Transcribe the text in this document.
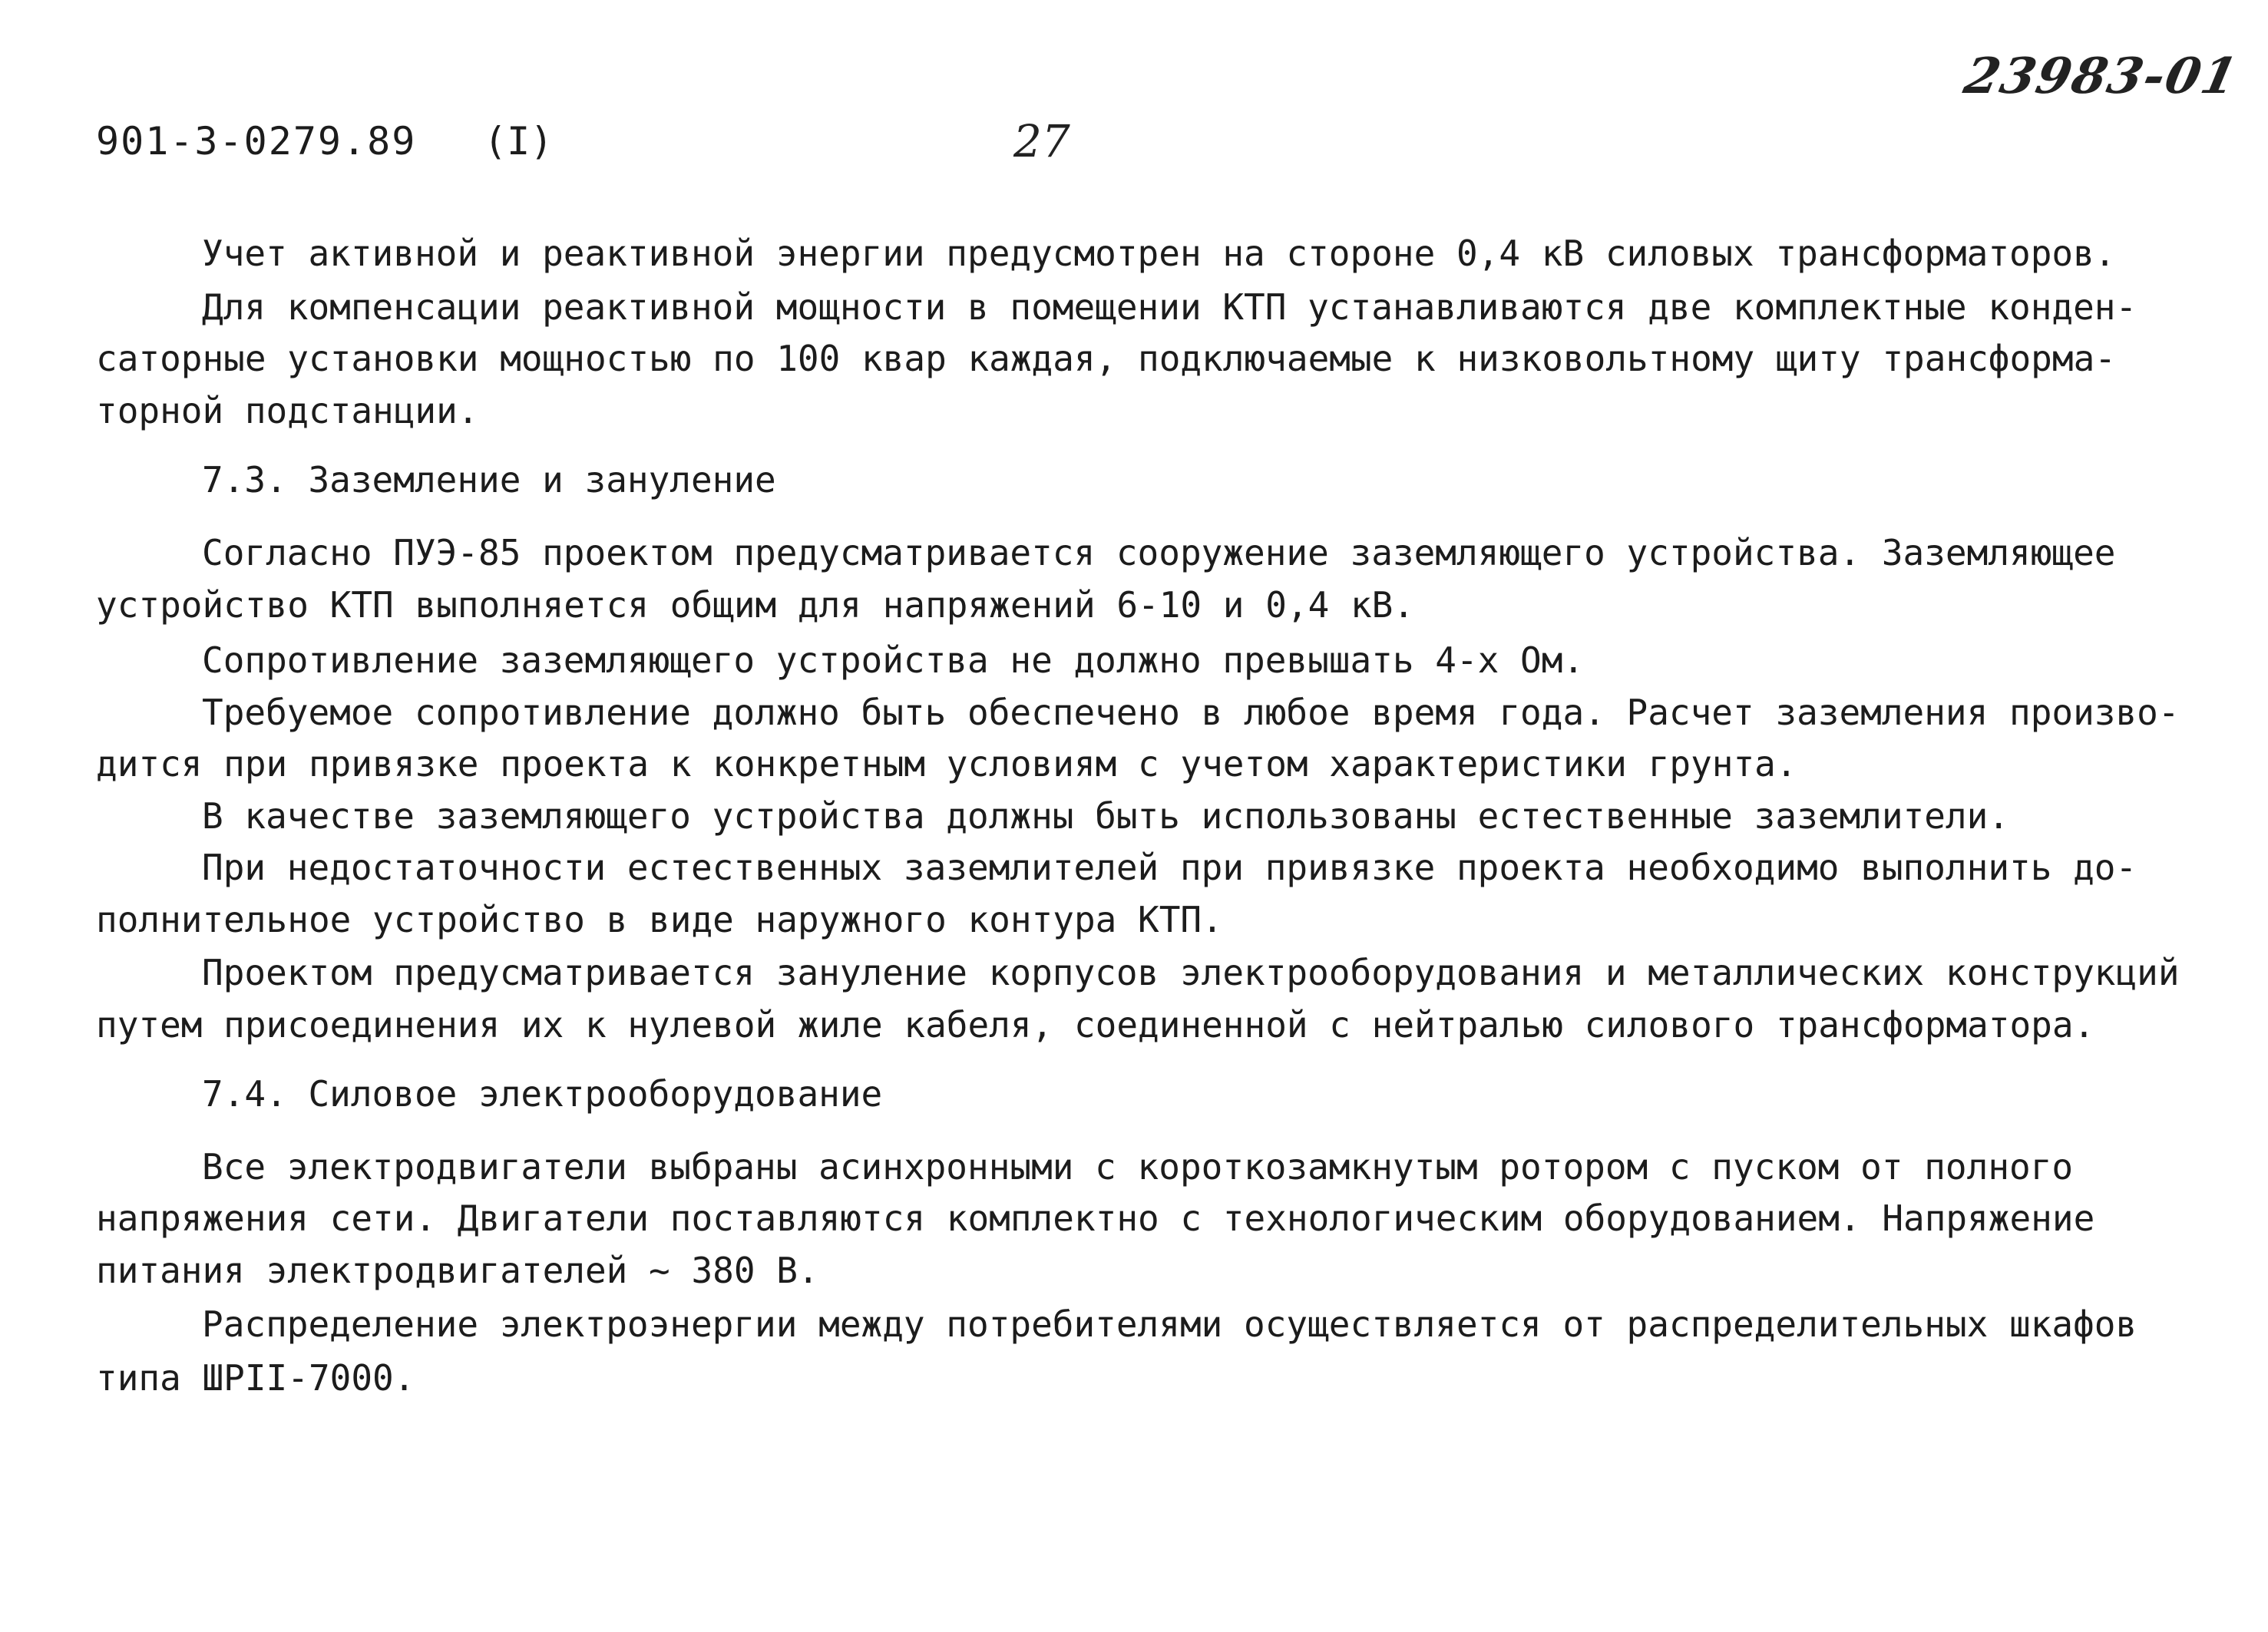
23983-01
901-3-0279.89 (I)	27
Учет активной и реактивной энергии предусмотрен на стороне 0,4 кВ силовых трансформаторов.
Для компенсации реактивной мощности в помещении КТП устанавливаются две комплектные конден-
саторные установки мощностью по 100 квар каждая, подключаемые к низковольтному щиту трансформа-
торной подстанции.
7.3. Заземление и зануление
Согласно ПУЭ-85 проектом предусматривается сооружение заземляющего устройства. Заземляющее
устройство КТП выполняется общим для напряжений 6-10 и 0,4 кВ.
Сопротивление заземляющего устройства не должно превышать 4-х Ом.
Требуемое сопротивление должно быть обеспечено в любое время года. Расчет заземления произво-
дится при привязке проекта к конкретным условиям с учетом характеристики грунта.
В качестве заземляющего устройства должны быть использованы естественные заземлители.
При недостаточности естественных заземлителей при привязке проекта необходимо выполнить до-
полнительное устройство в виде наружного контура КТП.
Проектом предусматривается зануление корпусов электрооборудования и металлических конструкций
путем присоединения их к нулевой жиле кабеля, соединенной с нейтралью силового трансформатора.
7.4. Силовое электрооборудование
Все электродвигатели выбраны асинхронными с короткозамкнутым ротором с пуском от полного
напряжения сети. Двигатели поставляются комплектно с технологическим оборудованием. Напряжение
питания электродвигателей ~ 380 В.
Распределение электроэнергии между потребителями осуществляется от распределительных шкафов
типа ШРII-7000.
